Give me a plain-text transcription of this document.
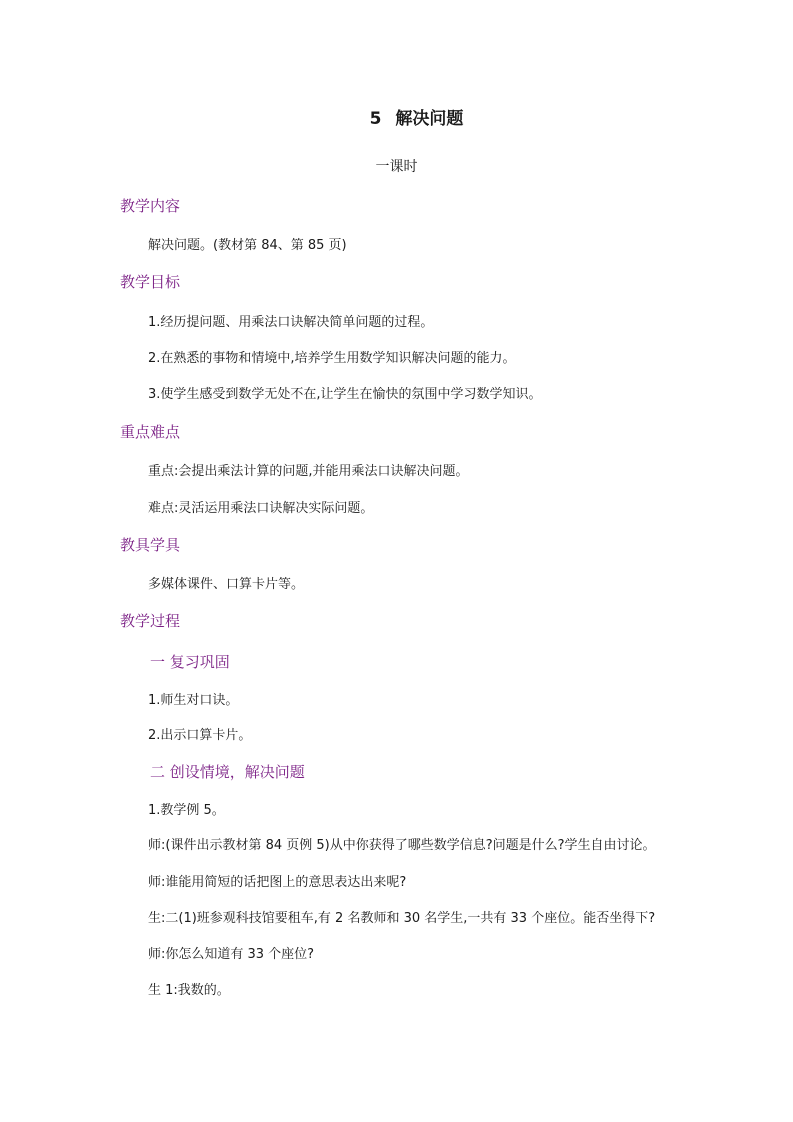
5 解决问题
一课时
教学内容
解决问题。(教材第 84、第 85 页)
教学目标
1.经历提问题、用乘法口诀解决简单问题的过程。
2.在熟悉的事物和情境中,培养学生用数学知识解决问题的能力。
3.使学生感受到数学无处不在,让学生在愉快的氛围中学习数学知识。
重点难点
重点:会提出乘法计算的问题,并能用乘法口诀解决问题。
难点:灵活运用乘法口诀解决实际问题。
教具学具
多媒体课件、口算卡片等。
教学过程
一 复习巩固
1.师生对口诀。
2.出示口算卡片。
二 创设情境，解决问题
1.教学例 5。
师:(课件出示教材第 84 页例 5)从中你获得了哪些数学信息?问题是什么?学生自由讨论。
师:谁能用简短的话把图上的意思表达出来呢?
生:二(1)班参观科技馆要租车,有 2 名教师和 30 名学生,一共有 33 个座位。能否坐得下?
师:你怎么知道有 33 个座位?
生 1:我数的。
